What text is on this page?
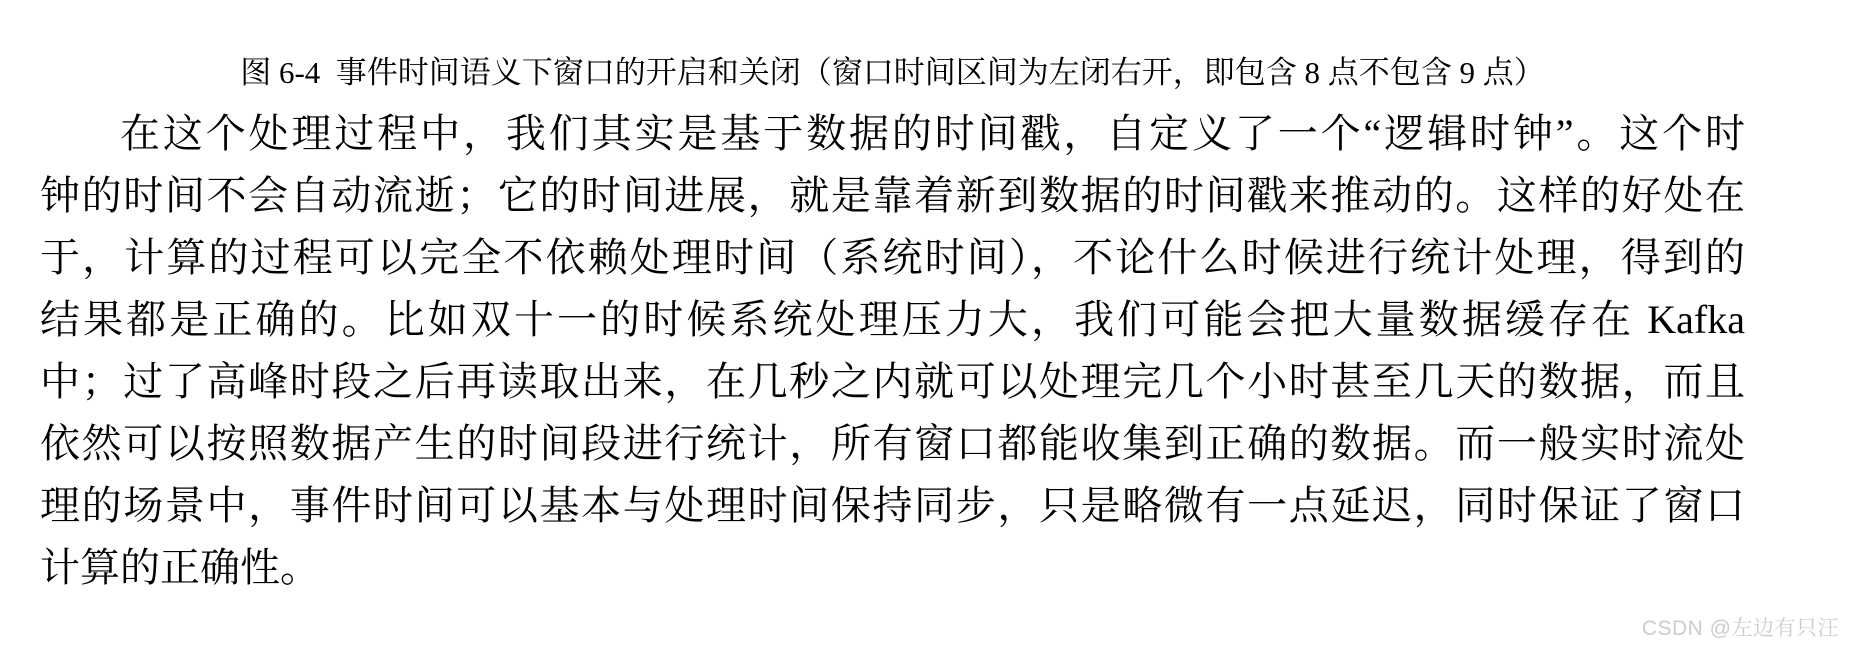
图 6-4  事件时间语义下窗口的开启和关闭（窗口时间区间为左闭右开，即包含 8 点不包含 9 点）
在这个处理过程中，我们其实是基于数据的时间戳，自定义了一个“逻辑时钟”。这个时
钟的时间不会自动流逝；它的时间进展，就是靠着新到数据的时间戳来推动的。这样的好处在
于，计算的过程可以完全不依赖处理时间（系统时间），不论什么时候进行统计处理，得到的
结果都是正确的。比如双十一的时候系统处理压力大，我们可能会把大量数据缓存在 Kafka
中；过了高峰时段之后再读取出来，在几秒之内就可以处理完几个小时甚至几天的数据，而且
依然可以按照数据产生的时间段进行统计，所有窗口都能收集到正确的数据。而一般实时流处
理的场景中，事件时间可以基本与处理时间保持同步，只是略微有一点延迟，同时保证了窗口
计算的正确性。
CSDN @左边有只汪
